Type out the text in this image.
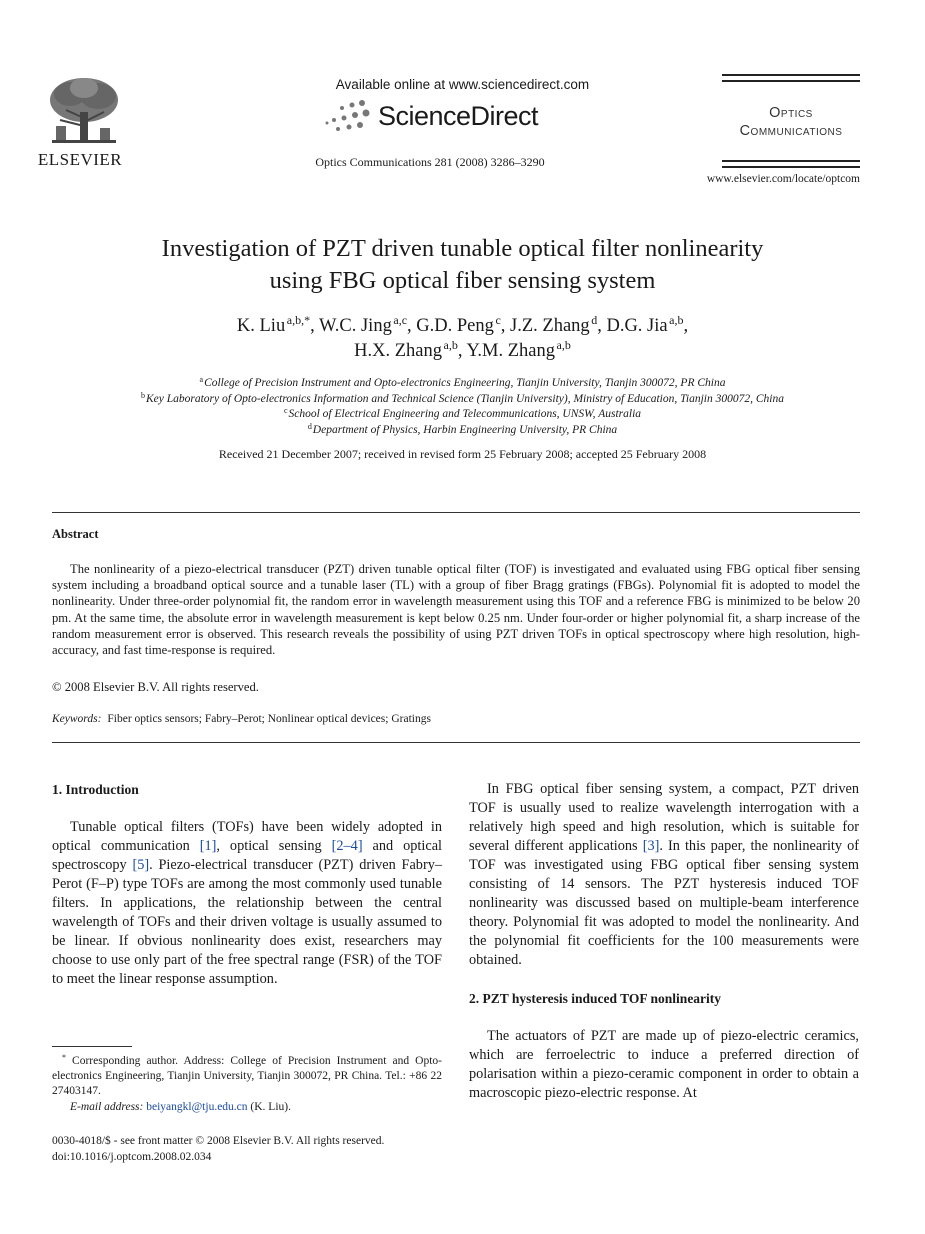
ELSEVIER
Available online at www.sciencedirect.com
ScienceDirect
Optics Communications 281 (2008) 3286–3290
Optics
Communications
www.elsevier.com/locate/optcom
Investigation of PZT driven tunable optical filter nonlinearity
using FBG optical fiber sensing system
K. Liu  $^{a,b,*}$, W.C. Jing  $^{a,c}$, G.D. Peng  $^c$, J.Z. Zhang  $^d$, D.G. Jia  $^{a,b}$,
H.X. Zhang  $^{a,b}$, Y.M. Zhang  $^{a,b}$
$^a$ College of Precision Instrument and Opto-electronics Engineering, Tianjin University, Tianjin 300072, PR China
$^b$ Key Laboratory of Opto-electronics Information and Technical Science (Tianjin University), Ministry of Education, Tianjin 300072, China
$^c$ School of Electrical Engineering and Telecommunications, UNSW, Australia
$^d$ Department of Physics, Harbin Engineering University, PR China
Received 21 December 2007; received in revised form 25 February 2008; accepted 25 February 2008
Abstract
The nonlinearity of a piezo-electrical transducer (PZT) driven tunable optical filter (TOF) is investigated and evaluated using FBG optical fiber sensing system including a broadband optical source and a tunable laser (TL) with a group of fiber Bragg gratings (FBGs). Polynomial fit is adopted to model the nonlinearity. Under three-order polynomial fit, the random error in wavelength measurement using this TOF and a reference FBG is minimized to be below 20 pm. At the same time, the absolute error in wavelength measurement is kept below 0.25 nm. Under four-order or higher polynomial fit, a sharp increase of the random measurement error is observed. This research reveals the possibility of using PZT driven TOFs in optical spectroscopy where high resolution, high-accuracy, and fast time-response is required.
© 2008 Elsevier B.V. All rights reserved.
Keywords: Fiber optics sensors; Fabry–Perot; Nonlinear optical devices; Gratings
1. Introduction

Tunable optical filters (TOFs) have been widely adopted in optical communication [1], optical sensing [2–4] and optical spectroscopy [5]. Piezo-electrical transducer (PZT) driven Fabry–Perot (F–P) type TOFs are among the most commonly used tunable filters. In applications, the relationship between the central wavelength of TOFs and their driven voltage is usually assumed to be linear. If obvious nonlinearity does exist, researchers may choose to use only part of the free spectral range (FSR) of the TOF to meet the linear response assumption.

* Corresponding author. Address: College of Precision Instrument and Opto-electronics Engineering, Tianjin University, Tianjin 300072, PR China. Tel.: +86 22 27403147.
E-mail address: beiyangkl@tju.edu.cn (K. Liu).
0030-4018/$ - see front matter © 2008 Elsevier B.V. All rights reserved.
doi:10.1016/j.optcom.2008.02.034

In FBG optical fiber sensing system, a compact, PZT driven TOF is usually used to realize wavelength interrogation with a relatively high speed and high resolution, which is suitable for several different applications [3]. In this paper, the nonlinearity of TOF was investigated using FBG optical fiber sensing system consisting of 14 sensors. The PZT hysteresis induced TOF nonlinearity was discussed based on multiple-beam interference theory. Polynomial fit was adopted to model the nonlinearity. And the polynomial fit coefficients for the 100 measurements were obtained.

2. PZT hysteresis induced TOF nonlinearity

The actuators of PZT are made up of piezo-electric ceramics, which are ferroelectric to induce a preferred direction of polarisation within a piezo-ceramic component in order to obtain a macroscopic piezo-electric response. At
